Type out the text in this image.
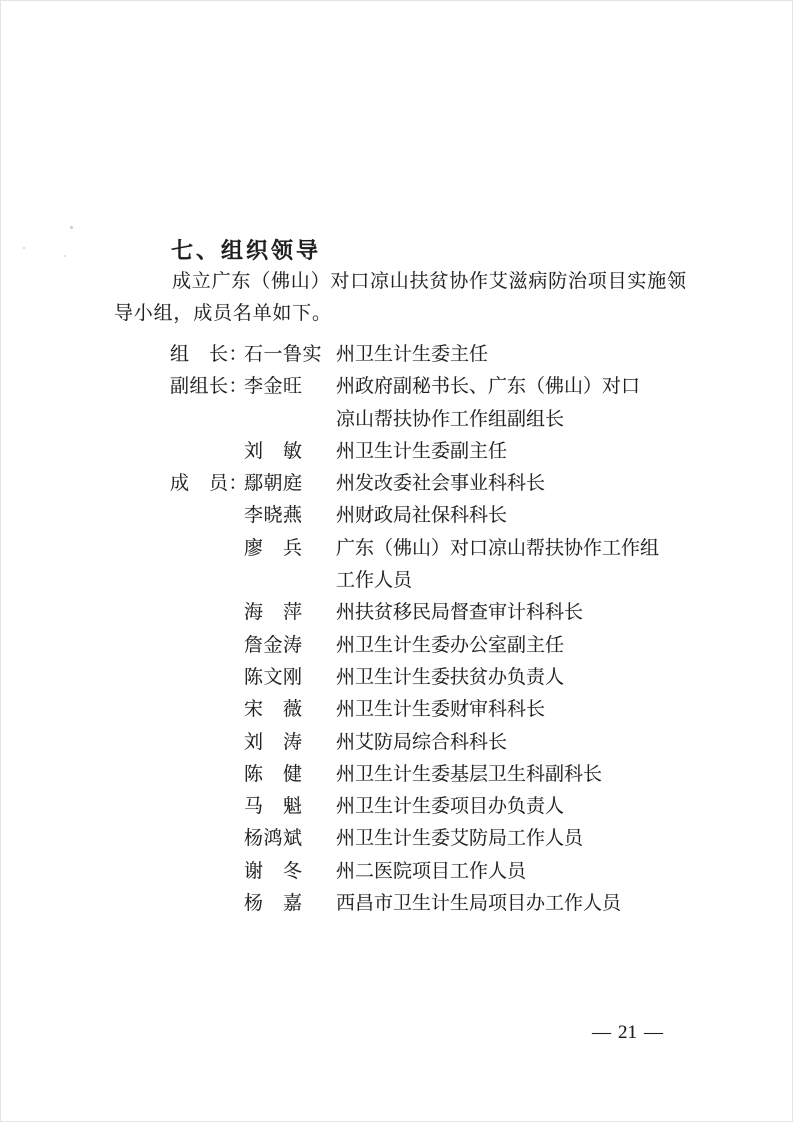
七、组织领导

成立广东（佛山）对口凉山扶贫协作艾滋病防治项目实施领

导小组，成员名单如下。

组　长：
石一鲁实 州卫生计生委主任
副组长：
李金旺 州政府副秘书长、广东（佛山）对口
凉山帮扶协作工作组副组长
刘　敏 州卫生计生委副主任
成　员：
鄢朝庭 州发改委社会事业科科长
李晓燕 州财政局社保科科长
廖　兵 广东（佛山）对口凉山帮扶协作工作组
工作人员
海　萍 州扶贫移民局督查审计科科长
詹金涛 州卫生计生委办公室副主任
陈文刚 州卫生计生委扶贫办负责人
宋　薇 州卫生计生委财审科科长
刘　涛 州艾防局综合科科长
陈　健 州卫生计生委基层卫生科副科长
马　魁 州卫生计生委项目办负责人
杨鸿斌 州卫生计生委艾防局工作人员
谢　冬 州二医院项目工作人员
杨　嘉 西昌市卫生计生局项目办工作人员
— 21 —
